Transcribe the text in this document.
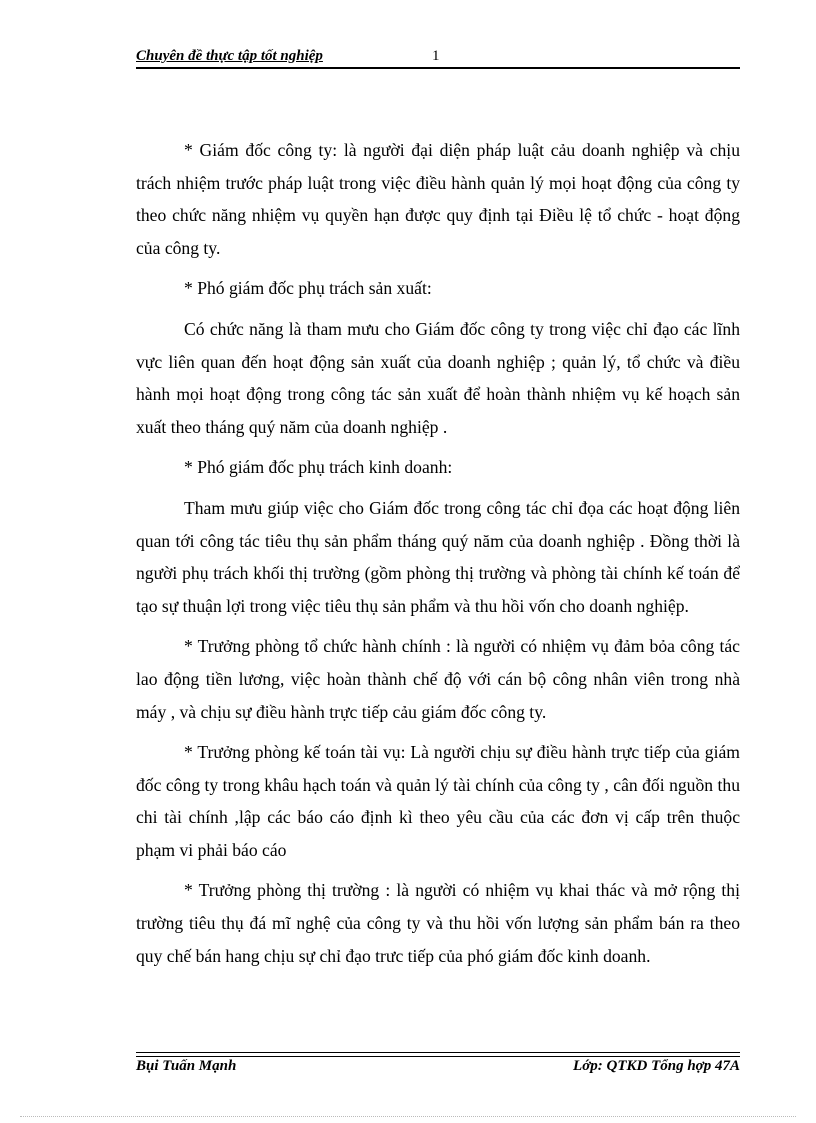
Chuyên đề thực tập tốt nghiệp	1

* Giám đốc công ty: là người đại diện pháp luật cảu doanh nghiệp và chịu trách nhiệm trước pháp luật trong việc điều hành quản lý mọi hoạt động của công ty theo chức năng nhiệm vụ quyền hạn được quy định tại Điều lệ tổ chức - hoạt động của công ty.

* Phó giám đốc phụ trách sản xuất:

Có chức năng là tham mưu cho Giám đốc công ty trong việc chỉ đạo các lĩnh vực liên quan đến hoạt động sản xuất của doanh nghiệp ; quản lý, tổ chức và điều hành mọi hoạt động trong công tác sản xuất để hoàn thành nhiệm vụ kế hoạch sản xuất theo tháng quý năm của doanh nghiệp .

* Phó giám đốc phụ trách kinh doanh:

Tham mưu giúp việc cho Giám đốc trong công tác chỉ đọa các hoạt động liên quan tới công tác tiêu thụ sản phẩm tháng quý năm của doanh nghiệp . Đồng thời là người phụ trách khối thị trường (gồm phòng thị trường và phòng tài chính kế toán để tạo sự thuận lợi trong việc tiêu thụ sản phẩm và thu hồi vốn cho doanh nghiệp.

* Trưởng phòng tổ chức hành chính : là người có nhiệm vụ đảm bỏa công tác lao động tiền lương, việc hoàn thành chế độ với cán bộ công nhân viên trong nhà máy , và chịu sự điều hành trực tiếp cảu giám đốc công ty.

* Trưởng phòng kế toán tài vụ: Là người chịu sự điều hành trực tiếp của giám đốc công ty trong khâu hạch toán và quản lý tài chính của công ty , cân đối nguồn thu chi tài chính ,lập các báo cáo định kì theo yêu cầu của các đơn vị cấp trên thuộc phạm vi phải báo cáo

* Trưởng phòng thị trường : là người có nhiệm vụ khai thác và mở rộng thị trường tiêu thụ đá mĩ nghệ của công ty và thu hồi vốn lượng sản phẩm bán ra theo quy chế bán hang chịu sự chỉ đạo trưc tiếp của phó giám đốc kinh doanh.

Bụi Tuấn Mạnh	Lớp: QTKD Tổng hợp 47A
